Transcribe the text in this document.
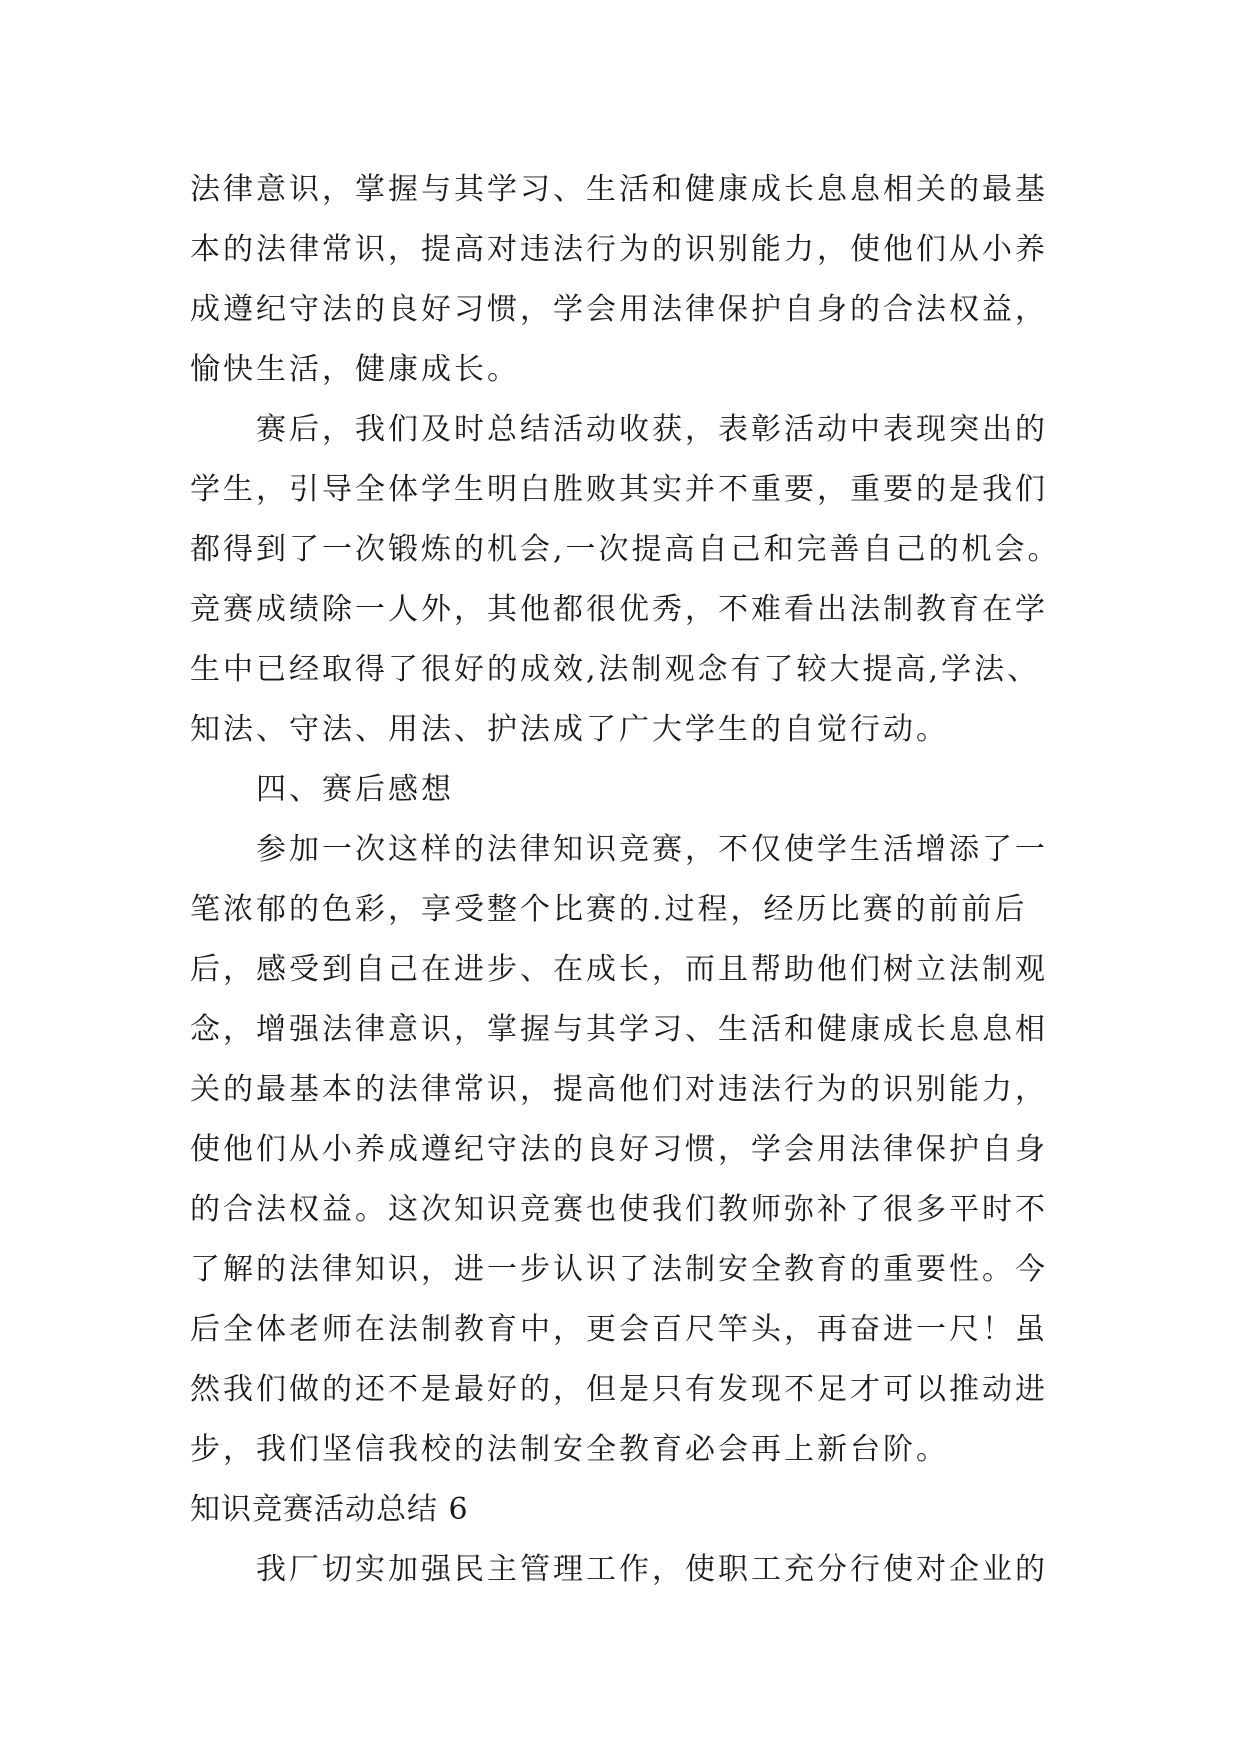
法律意识，掌握与其学习、生活和健康成长息息相关的最基
本的法律常识，提高对违法行为的识别能力，使他们从小养
成遵纪守法的良好习惯，学会用法律保护自身的合法权益，
愉快生活，健康成长。
赛后，我们及时总结活动收获，表彰活动中表现突出的
学生，引导全体学生明白胜败其实并不重要，重要的是我们
都得到了一次锻炼的机会,一次提高自己和完善自己的机会。
竞赛成绩除一人外，其他都很优秀，不难看出法制教育在学
生中已经取得了很好的成效,法制观念有了较大提高,学法、
知法、守法、用法、护法成了广大学生的自觉行动。
四、赛后感想
参加一次这样的法律知识竞赛，不仅使学生活增添了一
笔浓郁的色彩，享受整个比赛的.过程，经历比赛的前前后
后，感受到自己在进步、在成长，而且帮助他们树立法制观
念，增强法律意识，掌握与其学习、生活和健康成长息息相
关的最基本的法律常识，提高他们对违法行为的识别能力，
使他们从小养成遵纪守法的良好习惯，学会用法律保护自身
的合法权益。这次知识竞赛也使我们教师弥补了很多平时不
了解的法律知识，进一步认识了法制安全教育的重要性。今
后全体老师在法制教育中，更会百尺竿头，再奋进一尺！虽
然我们做的还不是最好的，但是只有发现不足才可以推动进
步，我们坚信我校的法制安全教育必会再上新台阶。
知识竞赛活动总结 6
我厂切实加强民主管理工作，使职工充分行使对企业的
